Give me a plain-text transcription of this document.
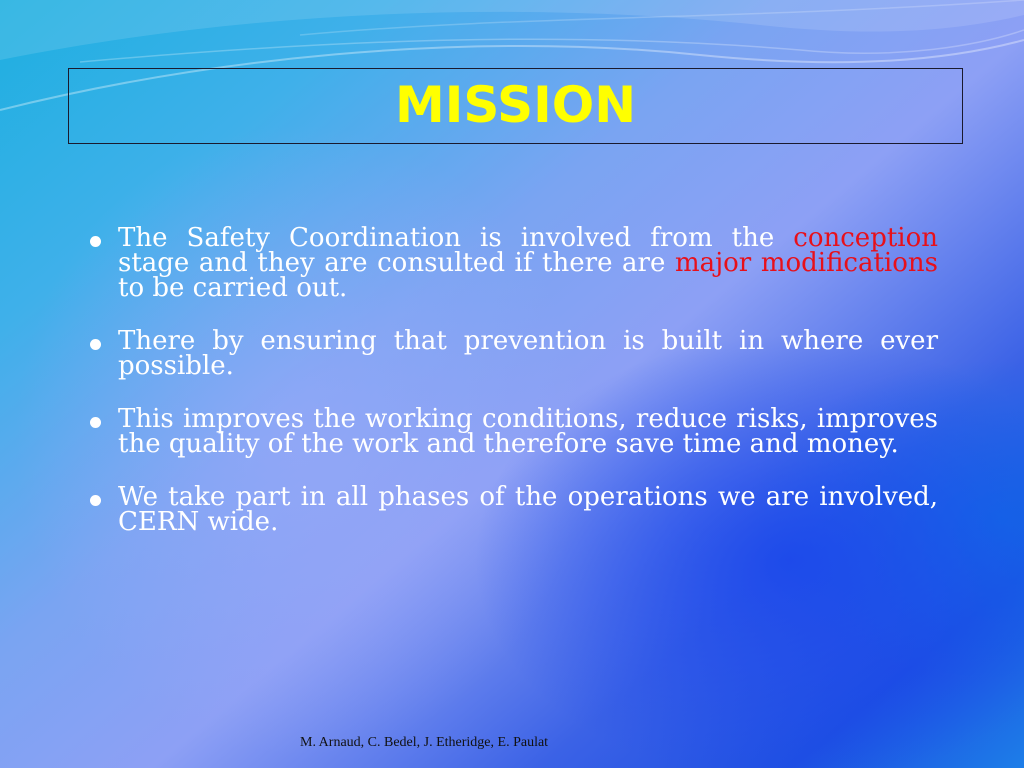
MISSION
The Safety Coordination is involved from the conception stage and they are consulted if there are major modifications to be carried out.
There by ensuring that prevention is built in where ever possible.
This improves the working conditions, reduce risks, improves the quality of the work and therefore save time and money.
We take part in all phases of the operations we are involved, CERN wide.
M. Arnaud, C. Bedel, J. Etheridge, E. Paulat
